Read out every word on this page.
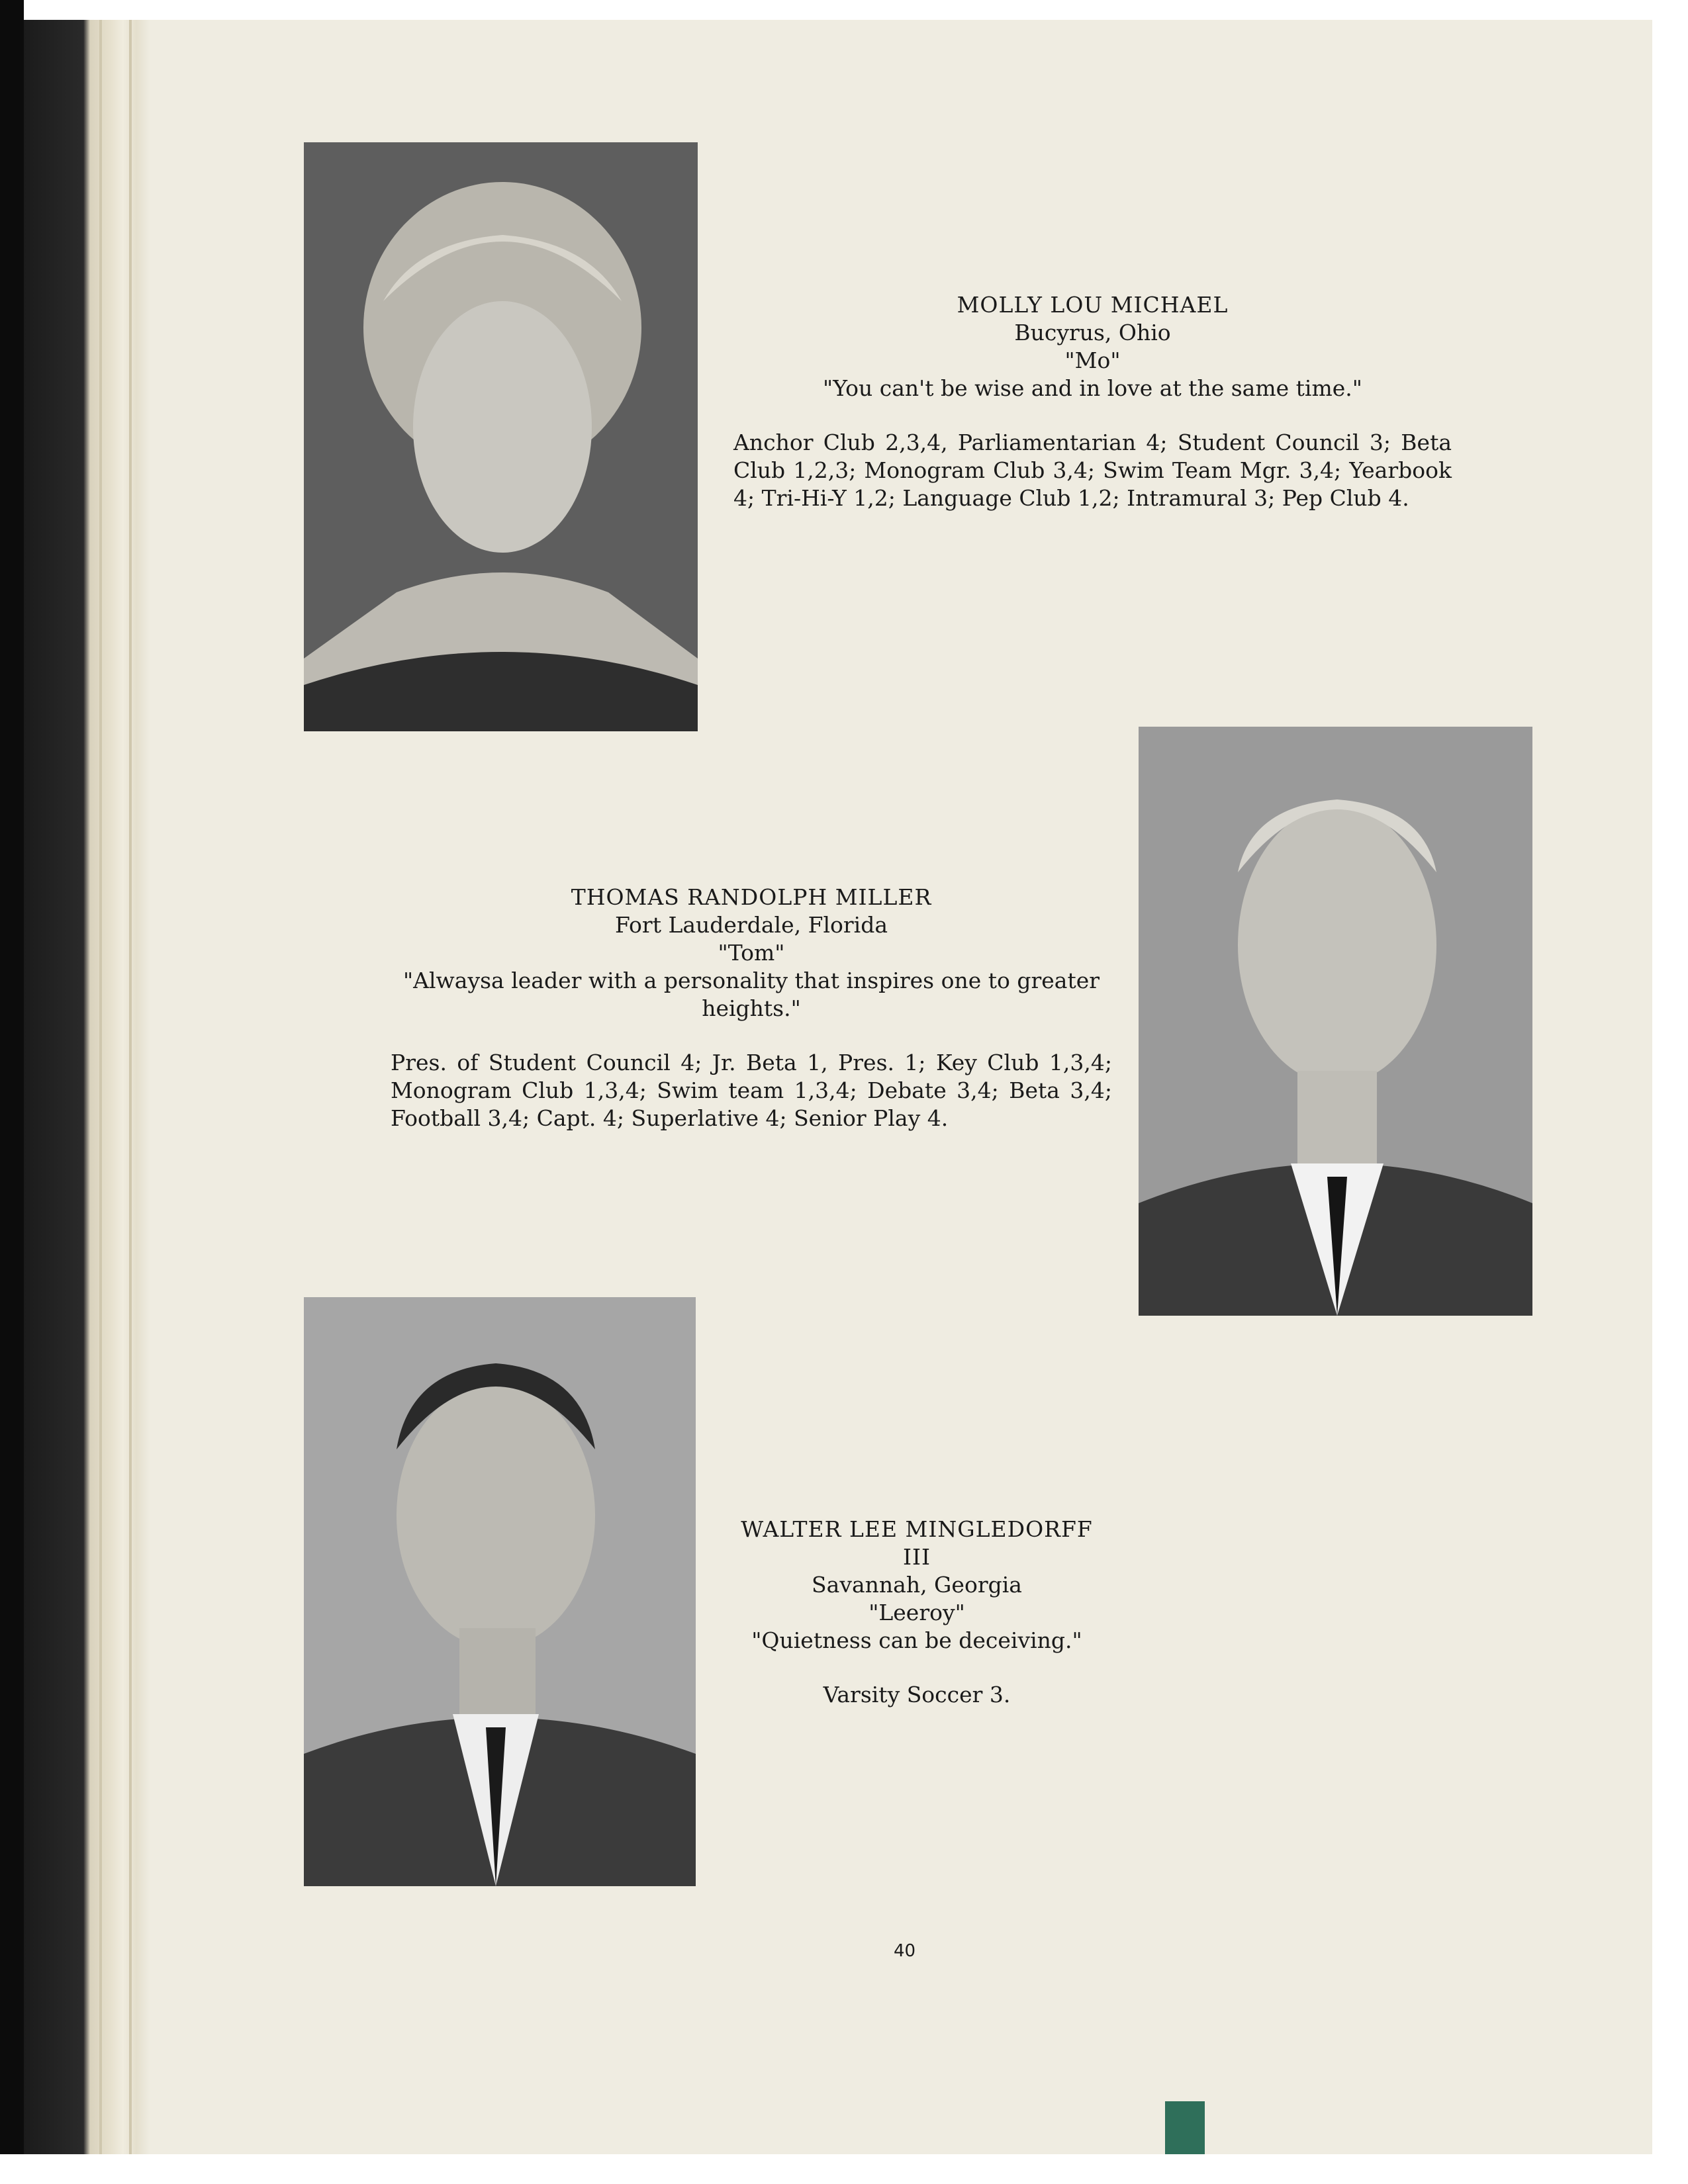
MOLLY LOU MICHAEL
Bucyrus, Ohio
"Mo"
"You can't be wise and in love at the same time."
Anchor Club 2,3,4, Parliamentarian 4; Student Council 3; Beta Club 1,2,3; Monogram Club 3,4; Swim Team Mgr. 3,4; Yearbook 4; Tri-Hi-Y 1,2; Language Club 1,2; Intramural 3; Pep Club 4.
THOMAS RANDOLPH MILLER
Fort Lauderdale, Florida
"Tom"
"Alwaysa leader with a personality that inspires one to greater heights."
Pres. of Student Council 4; Jr. Beta 1, Pres. 1; Key Club 1,3,4; Monogram Club 1,3,4; Swim team 1,3,4; Debate 3,4; Beta 3,4; Football 3,4; Capt. 4; Superlative 4; Senior Play 4.
WALTER LEE MINGLEDORFF III
Savannah, Georgia
"Leeroy"
"Quietness can be deceiving."
Varsity Soccer 3.
40
